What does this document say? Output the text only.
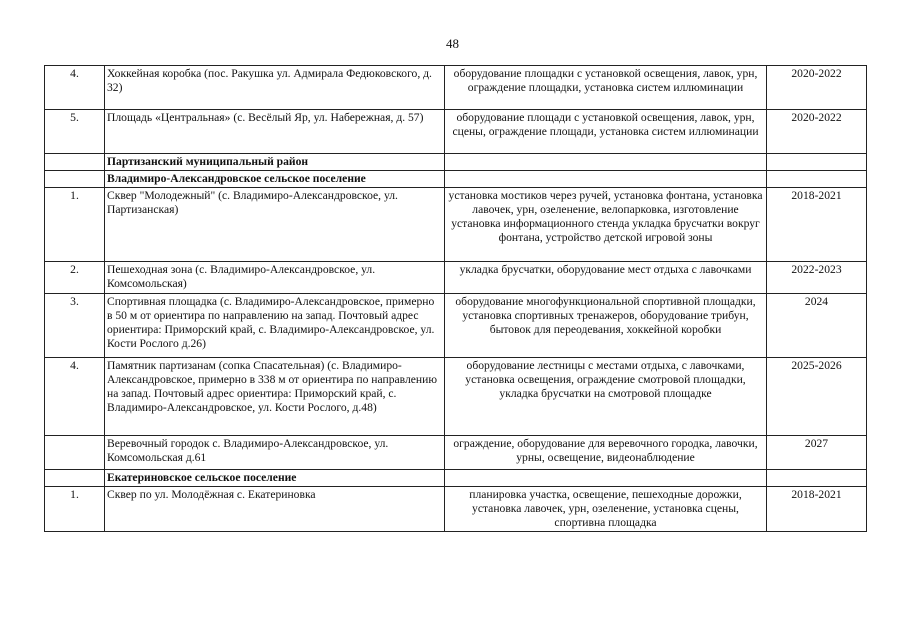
48
4.	Хоккейная коробка (пос. Ракушка ул. Адмирала Федюковского, д. 32)	оборудование площадки с установкой освещения, лавок, урн, ограждение площадки, установка систем иллюминации	2020-2022
5.	Площадь «Центральная» (с. Весёлый Яр, ул. Набережная, д. 57)	оборудование площади с установкой освещения, лавок, урн, сцены, ограждение площади, установка систем иллюминации	2020-2022
	Партизанский муниципальный район		
	Владимиро-Александровское сельское поселение		
1.	Сквер "Молодежный" (с. Владимиро-Александровское, ул. Партизанская)	установка мостиков через ручей, установка фонтана, установка лавочек, урн, озеленение, велопарковка, изготовление установка информационного стенда укладка брусчатки вокруг фонтана, устройство детской игровой зоны	2018-2021
2.	Пешеходная зона (с. Владимиро-Александровское, ул. Комсомольская)	укладка брусчатки, оборудование мест отдыха с лавочками	2022-2023
3.	Спортивная площадка (с. Владимиро-Александровское, примерно в 50 м от ориентира по направлению на запад. Почтовый адрес ориентира: Приморский край, с. Владимиро-Александровское, ул. Кости Рослого д.26)	оборудование многофункциональной спортивной площадки, установка спортивных тренажеров, оборудование трибун, бытовок для переодевания, хоккейной коробки	2024
4.	Памятник партизанам (сопка Спасательная) (с. Владимиро-Александровское, примерно в 338 м от ориентира по направлению на запад. Почтовый адрес ориентира: Приморский край, с. Владимиро-Александровское, ул. Кости Рослого, д.48)	оборудование лестницы с местами отдыха, с лавочками, установка освещения, ограждение смотровой площадки, укладка брусчатки на смотровой площадке	2025-2026
	Веревочный городок с. Владимиро-Александровское, ул. Комсомольская д.61	ограждение, оборудование для веревочного городка, лавочки, урны, освещение, видеонаблюдение	2027
	Екатериновское сельское поселение		
1.	Сквер по ул. Молодёжная с. Екатериновка	планировка участка, освещение, пешеходные дорожки, установка лавочек, урн, озеленение, установка сцены, спортивна площадка	2018-2021
